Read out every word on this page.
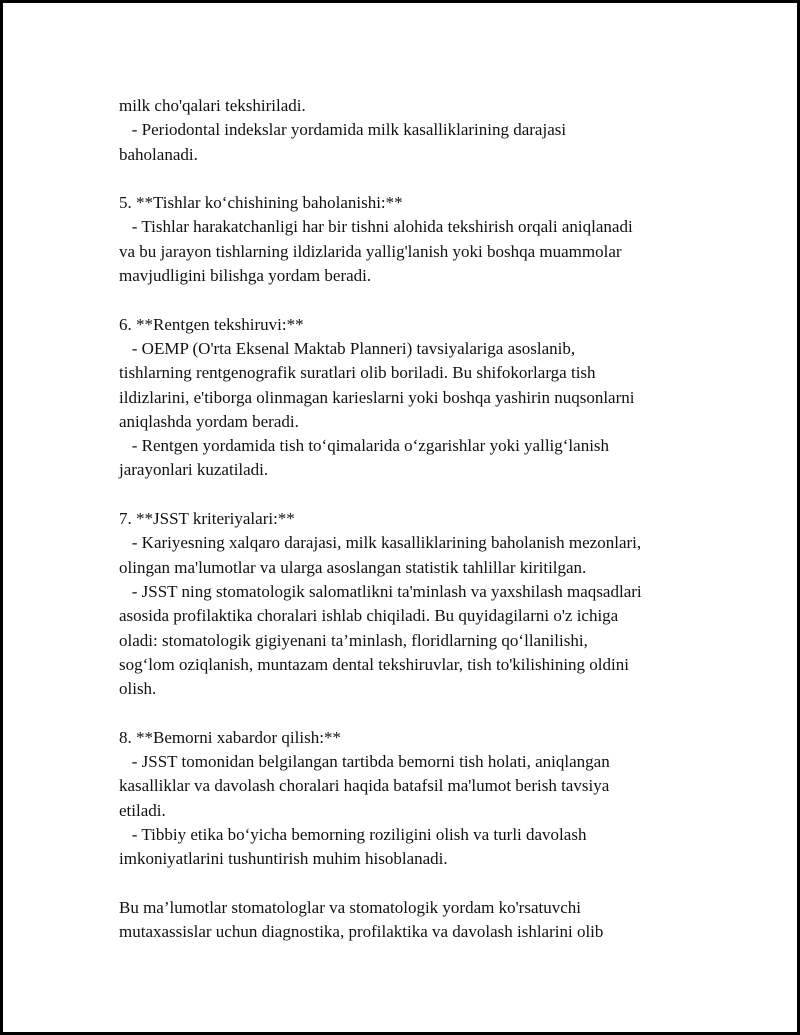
milk cho'qalari tekshiriladi.
- Periodontal indekslar yordamida milk kasalliklarining darajasi
baholanadi.
5. **Tishlar ko‘chishining baholanishi:**
- Tishlar harakatchanligi har bir tishni alohida tekshirish orqali aniqlanadi
va bu jarayon tishlarning ildizlarida yallig'lanish yoki boshqa muammolar
mavjudligini bilishga yordam beradi.
6. **Rentgen tekshiruvi:**
- OEMP (O'rta Eksenal Maktab Planneri) tavsiyalariga asoslanib,
tishlarning rentgenografik suratlari olib boriladi. Bu shifokorlarga tish
ildizlarini, e'tiborga olinmagan karieslarni yoki boshqa yashirin nuqsonlarni
aniqlashda yordam beradi.
- Rentgen yordamida tish to‘qimalarida o‘zgarishlar yoki yallig‘lanish
jarayonlari kuzatiladi.
7. **JSST kriteriyalari:**
- Kariyesning xalqaro darajasi, milk kasalliklarining baholanish mezonlari,
olingan ma'lumotlar va ularga asoslangan statistik tahlillar kiritilgan.
- JSST ning stomatologik salomatlikni ta'minlash va yaxshilash maqsadlari
asosida profilaktika choralari ishlab chiqiladi. Bu quyidagilarni o'z ichiga
oladi: stomatologik gigiyenani ta’minlash, floridlarning qo‘llanilishi,
sog‘lom oziqlanish, muntazam dental tekshiruvlar, tish to'kilishining oldini
olish.
8. **Bemorni xabardor qilish:**
- JSST tomonidan belgilangan tartibda bemorni tish holati, aniqlangan
kasalliklar va davolash choralari haqida batafsil ma'lumot berish tavsiya
etiladi.
- Tibbiy etika bo‘yicha bemorning roziligini olish va turli davolash
imkoniyatlarini tushuntirish muhim hisoblanadi.
Bu ma’lumotlar stomatologlar va stomatologik yordam ko'rsatuvchi
mutaxassislar uchun diagnostika, profilaktika va davolash ishlarini olib
